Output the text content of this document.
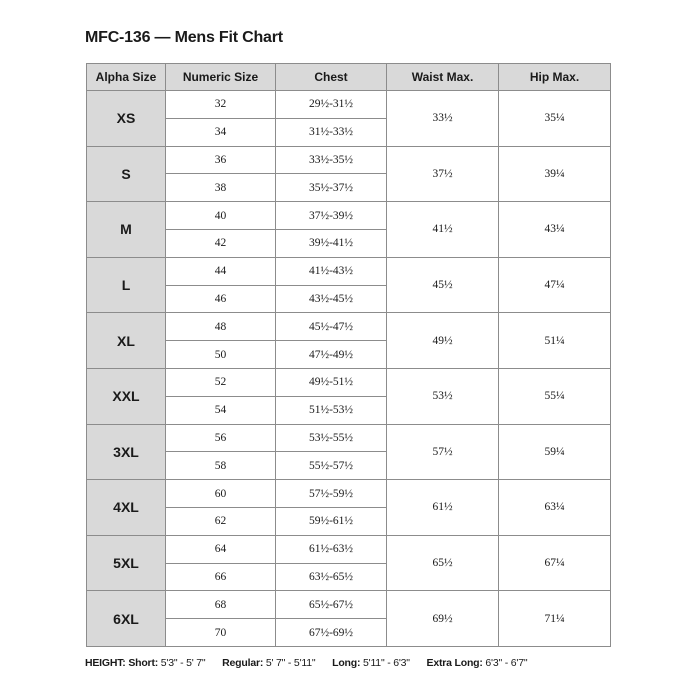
MFC-136 — Mens Fit Chart
Alpha Size	Numeric Size	Chest	Waist Max.	Hip Max.
XS	32	29½-31½	33½	35¼
	34	31½-33½		
S	36	33½-35½	37½	39¼
	38	35½-37½		
M	40	37½-39½	41½	43¼
	42	39½-41½		
L	44	41½-43½	45½	47¼
	46	43½-45½		
XL	48	45½-47½	49½	51¼
	50	47½-49½		
XXL	52	49½-51½	53½	55¼
	54	51½-53½		
3XL	56	53½-55½	57½	59¼
	58	55½-57½		
4XL	60	57½-59½	61½	63¼
	62	59½-61½		
5XL	64	61½-63½	65½	67¼
	66	63½-65½		
6XL	68	65½-67½	69½	71¼
	70	67½-69½		
HEIGHT: Short: 5'3" - 5' 7" Regular: 5' 7" - 5'11" Long: 5'11" - 6'3" Extra Long: 6'3" - 6'7"
